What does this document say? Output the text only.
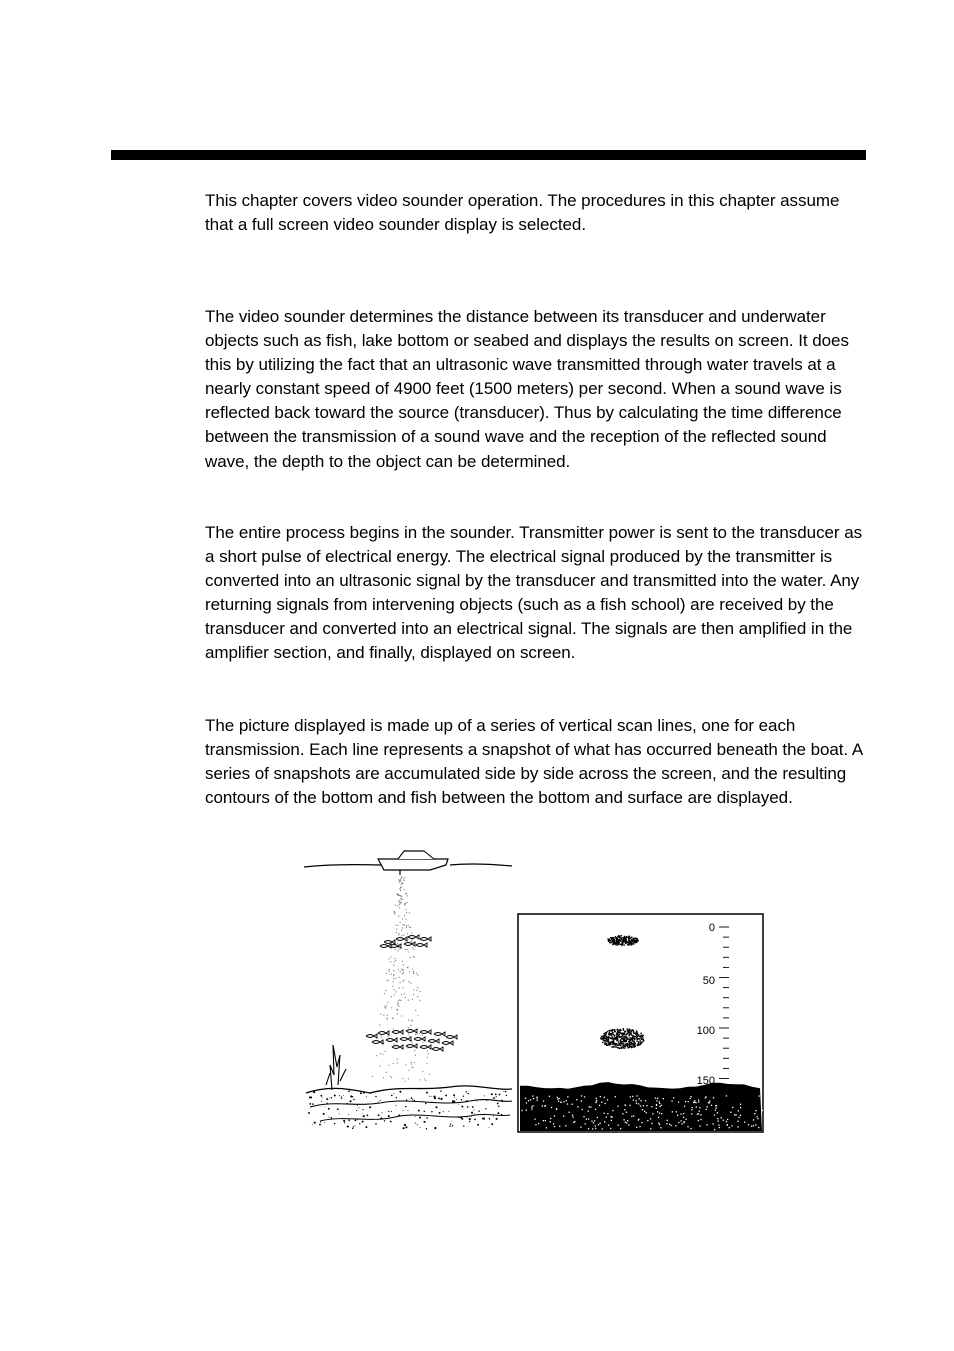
This chapter covers video sounder operation. The procedures in this chapter assume that a full screen video sounder display is selected.

The video sounder determines the distance between its transducer and underwater objects such as fish, lake bottom or seabed and displays the results on screen. It does this by utilizing the fact that an ultrasonic wave transmitted through water travels at a nearly constant speed of 4900 feet (1500 meters) per second. When a sound wave is reflected back toward the source (transducer). Thus by calculating the time difference between the transmission of a sound wave and the reception of the reflected sound wave, the depth to the object can be determined.

The entire process begins in the sounder. Transmitter power is sent to the transducer as a short pulse of electrical energy. The electrical signal produced by the transmitter is converted into an ultrasonic signal by the transducer and transmitted into the water. Any returning signals from intervening objects (such as a fish school) are received by the transducer and converted into an electrical signal. The signals are then amplified in the amplifier section, and finally, displayed on screen.

The picture displayed is made up of a series of vertical scan lines, one for each transmission. Each line represents a snapshot of what has occurred beneath the boat. A series of snapshots are accumulated side by side across the screen, and the resulting contours of the bottom and fish between the bottom and surface are displayed.

0
50
100
150
